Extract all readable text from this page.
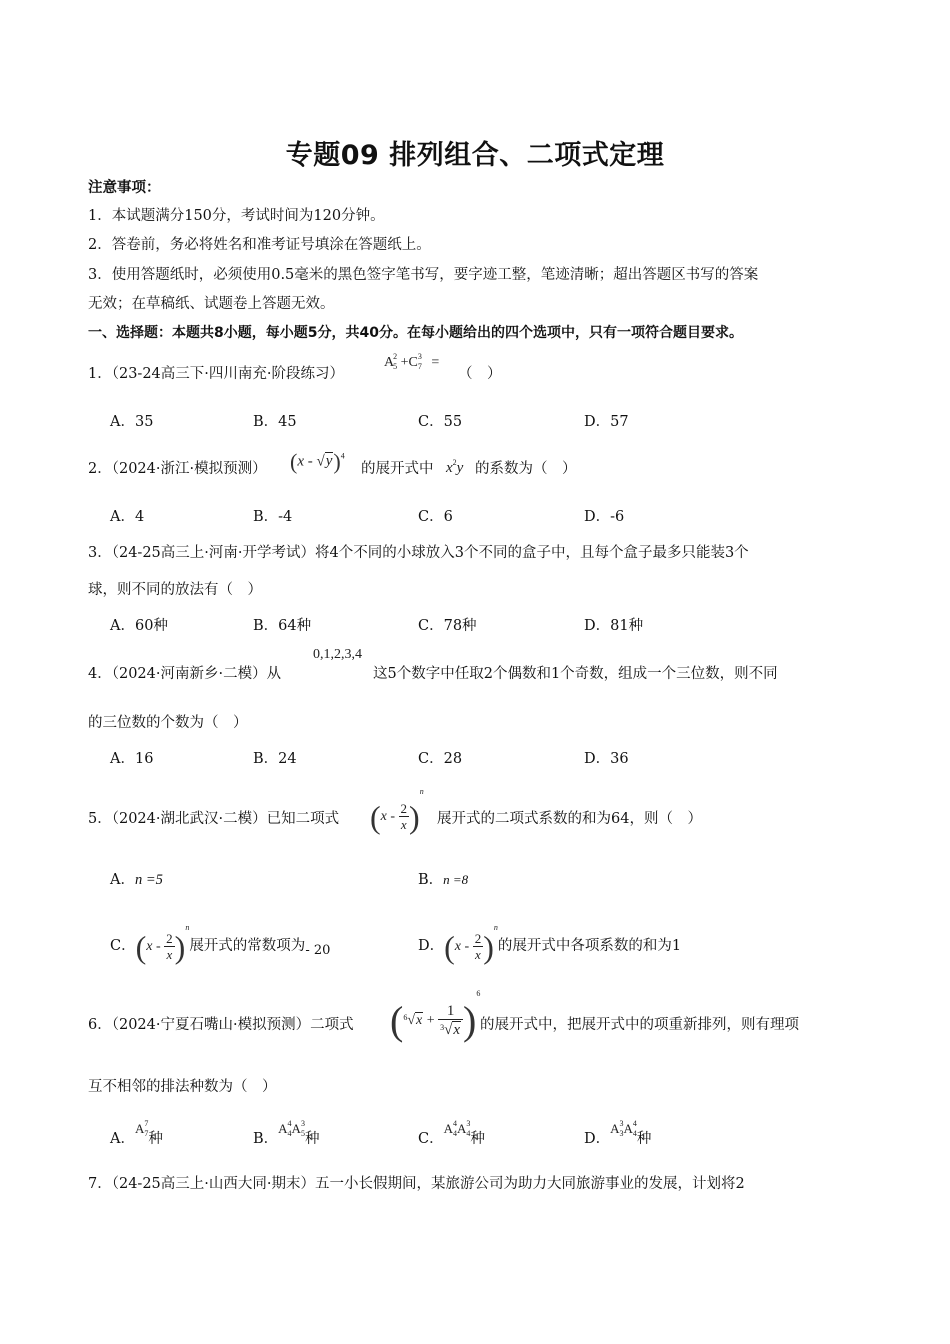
专题09 排列组合、二项式定理
注意事项：
1．本试题满分150分，考试时间为120分钟。
2．答卷前，务必将姓名和准考证号填涂在答题纸上。
3．使用答题纸时，必须使用0.5毫米的黑色签字笔书写，要字迹工整，笔迹清晰；超出答题区书写的答案
无效；在草稿纸、试题卷上答题无效。
一、选择题：本题共8小题，每小题5分，共40分。在每小题给出的四个选项中，只有一项符合题目要求。
1．（23-24高三下·四川南充·阶段练习）
$A^2_5 +C^3_7$ =
（　）
A．35	B．45	C．55	D．57
2．（2024·浙江·模拟预测） (x - √y)$^4$
的展开式中 $x^2y$ 的系数为（　）
A．4	B．-4	C．6	D．-6
3．（24-25高三上·河南·开学考试）将4个不同的小球放入3个不同的盒子中，且每个盒子最多只能装3个
球，则不同的放法有（　）
A．60种	B．64种	C．78种	D．81种
4．（2024·河南新乡·二模）从
0,1,2,3,4
这5个数字中任取2个偶数和1个奇数，组成一个三位数，则不同
的三位数的个数为（　）
A．16	B．24	C．28	D．36
5．（2024·湖北武汉·二模）已知二项式 $(x - \frac{2}{x} )^n$
展开式的二项式系数的和为64，则（　）
A．n =5	B．n =8
C．$(x - \frac{2}{x} )^n$展开式的常数项为- 20	D．$(x - \frac{2}{x} )^n$的展开式中各项系数的和为1
6．（2024·宁夏石嘴山·模拟预测）二项式 $(^6√x + \frac{1}{^3√x} )^6$
的展开式中，把展开式中的项重新排列，则有理项
互不相邻的排法种数为（　）
A．$A^7_7$种	B．$A^4_4A^3_5$种	C．$A^4_4A^3_4$种	D．$A^3_3A^4_4$种
7．（24-25高三上·山西大同·期末）五一小长假期间，某旅游公司为助力大同旅游事业的发展，计划将2
